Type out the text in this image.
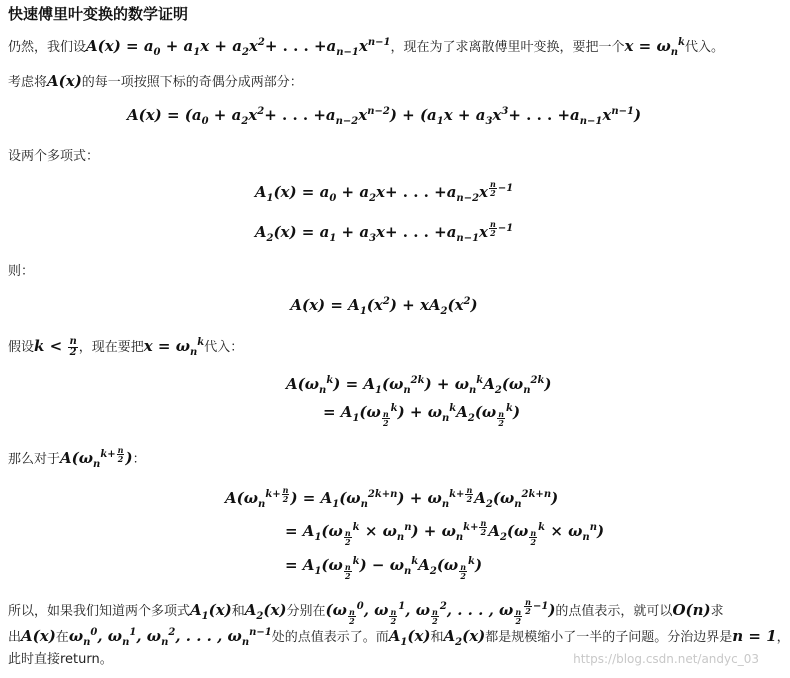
快速傅里叶变换的数学证明
仍然，我们设$A(x) = a_0 + a_1x + a_2x^2+$ . . . $+a_{n-1}x^{n-1}$，现在为了求离散傅里叶变换，要把一个$x = \omega_n^k$代入。
考虑将A(x)的每一项按照下标的奇偶分成两部分：
$A(x) = (a_0 + a_2x^2+$ . . . $+a_{n-2}x^{n-2}) + (a_1x + a_3x^3+$ . . . $+a_{n-1}x^{n-1}$)
设两个多项式：
$A_1(x) = a_0 + a_2x+$ . . . $+a_{n-2}x$ $^{\frac{n}{2} -1}$
$A_2(x) = a_1 + a_3x+$ . . . $+a_{n-1}x$ $^{\frac{n}{2} -1}$
则：
$A(x) = A_1(x^2) + xA_2(x^2)$
假设$k < \frac{n}{2}$ ，现在要把$x = \omega_n^k$代入：
$A(\omega_n^k) = A_1(\omega_n^{2k}) + \omega_n^kA_2(\omega_n^{2k})$
= $A_1(\omega$ $_{\frac{n}{2}}$
$^k) + \omega_n^kA_2(\omega$ $_{\frac{n}{2}}$
$^k$)
那么对于$A(\omega_n^{k+ \frac{n}{2}}$ )：
$A(\omega_n^{k+ \frac{n}{2}}$ ) = $A_1(\omega_n^{2k+n}) + \omega_n^{k+ \frac{n}{2}}$ $A_2(\omega_n^{2k+n})$
= $A_1(\omega$ $_{\frac{n}{2}}$
$^k \times \omega_n^n) + \omega_n^{k+ \frac{n}{2}}$ $A_2(\omega$ $_{\frac{n}{2}}$
$^k \times \omega_n^n$)
= $A_1(\omega$ $_{\frac{n}{2}}$
$^k) - \omega_n^kA_2(\omega$ $_{\frac{n}{2}}$
$^k$)
所以，如果我们知道两个多项式$A_1(x)$和$A_2(x)$分别在(ω $_{\frac{n}{2}}$
$^0$, ω $_{\frac{n}{2}}$
$^1$, ω $_{\frac{n}{2}}$
$^2$, . . . , ω $_{\frac{n}{2}}$
$^{\frac{n}{2} -1}$)的点值表示，就可以O(n)求
出A(x)在$\omega_n^0$, $\omega_n^1$, $\omega_n^2$, . . . , $\omega_n^{n-1}$处的点值表示了。而$A_1(x)$和$A_2(x)$都是规模缩小了一半的子问题。分治边界是n = 1，
此时直接return。	https://blog.csdn.net/andyc_03
